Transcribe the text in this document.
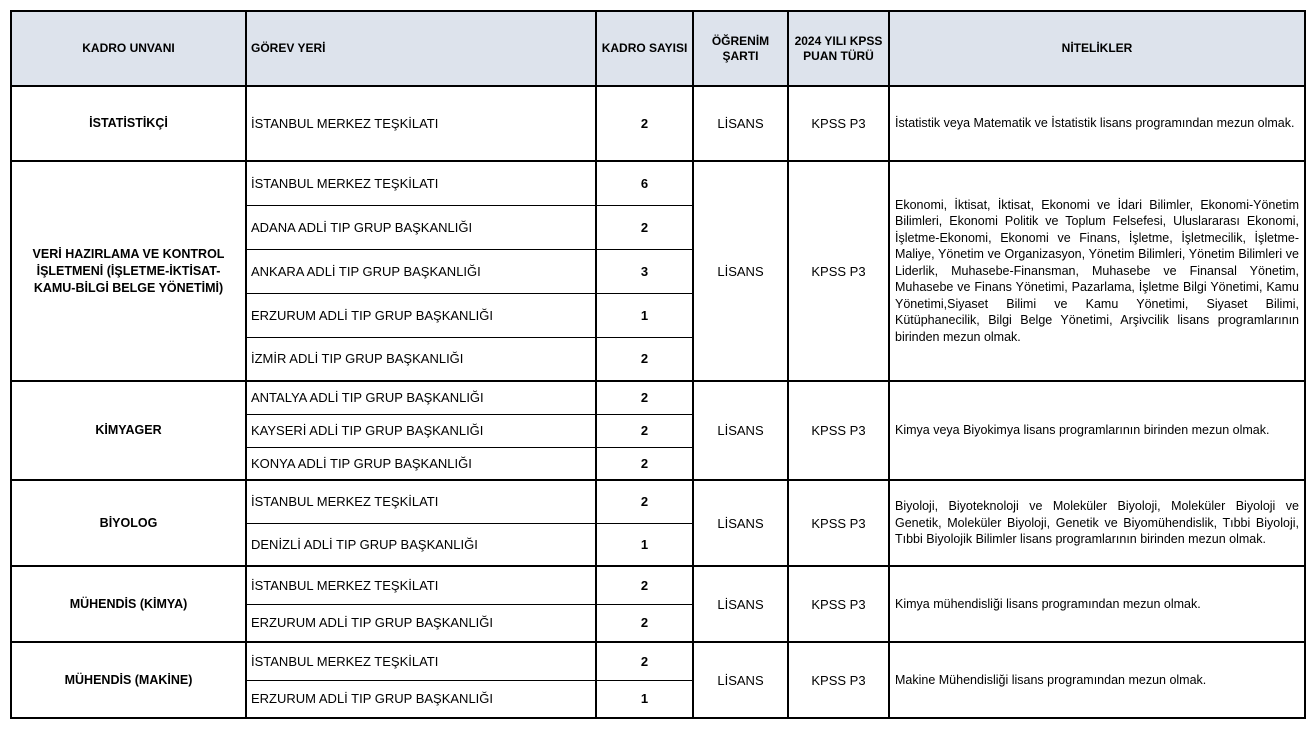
KADRO UNVANI	GÖREV YERİ	KADRO SAYISI	ÖĞRENİM ŞARTI	2024 YILI KPSS PUAN TÜRÜ	NİTELİKLER
İSTATİSTİKÇİ	İSTANBUL MERKEZ TEŞKİLATI	2	LİSANS	KPSS P3	İstatistik veya Matematik ve İstatistik lisans programından mezun olmak.
VERİ HAZIRLAMA VE KONTROL İŞLETMENİ (İŞLETME-İKTİSAT-KAMU-BİLGİ BELGE YÖNETİMİ)	İSTANBUL MERKEZ TEŞKİLATI	6	LİSANS	KPSS P3	Ekonomi, İktisat, İktisat, Ekonomi ve İdari Bilimler, Ekonomi-Yönetim Bilimleri, Ekonomi Politik ve Toplum Felsefesi, Uluslararası Ekonomi, İşletme-Ekonomi, Ekonomi ve Finans, İşletme, İşletmecilik, İşletme-Maliye, Yönetim ve Organizasyon, Yönetim Bilimleri, Yönetim Bilimleri ve Liderlik, Muhasebe-Finansman, Muhasebe ve Finansal Yönetim, Muhasebe ve Finans Yönetimi, Pazarlama, İşletme Bilgi Yönetimi, Kamu Yönetimi,Siyaset Bilimi ve Kamu Yönetimi, Siyaset Bilimi, Kütüphanecilik, Bilgi Belge Yönetimi, Arşivcilik lisans programlarının birinden mezun olmak.
	ADANA ADLİ TIP GRUP BAŞKANLIĞI	2			
	ANKARA ADLİ TIP GRUP BAŞKANLIĞI	3			
	ERZURUM ADLİ TIP GRUP BAŞKANLIĞI	1			
	İZMİR ADLİ TIP GRUP BAŞKANLIĞI	2			
KİMYAGER	ANTALYA ADLİ TIP GRUP BAŞKANLIĞI	2	LİSANS	KPSS P3	Kimya veya Biyokimya lisans programlarının birinden mezun olmak.
	KAYSERİ ADLİ TIP GRUP BAŞKANLIĞI	2			
	KONYA ADLİ TIP GRUP BAŞKANLIĞI	2			
BİYOLOG	İSTANBUL MERKEZ TEŞKİLATI	2	LİSANS	KPSS P3	Biyoloji, Biyoteknoloji ve Moleküler Biyoloji, Moleküler Biyoloji ve Genetik, Moleküler Biyoloji, Genetik ve Biyomühendislik, Tıbbi Biyoloji, Tıbbi Biyolojik Bilimler lisans programlarının birinden mezun olmak.
	DENİZLİ ADLİ TIP GRUP BAŞKANLIĞI	1			
MÜHENDİS (KİMYA)	İSTANBUL MERKEZ TEŞKİLATI	2	LİSANS	KPSS P3	Kimya mühendisliği lisans programından mezun olmak.
	ERZURUM ADLİ TIP GRUP BAŞKANLIĞI	2			
MÜHENDİS (MAKİNE)	İSTANBUL MERKEZ TEŞKİLATI	2	LİSANS	KPSS P3	Makine Mühendisliği lisans programından mezun olmak.
	ERZURUM ADLİ TIP GRUP BAŞKANLIĞI	1			
